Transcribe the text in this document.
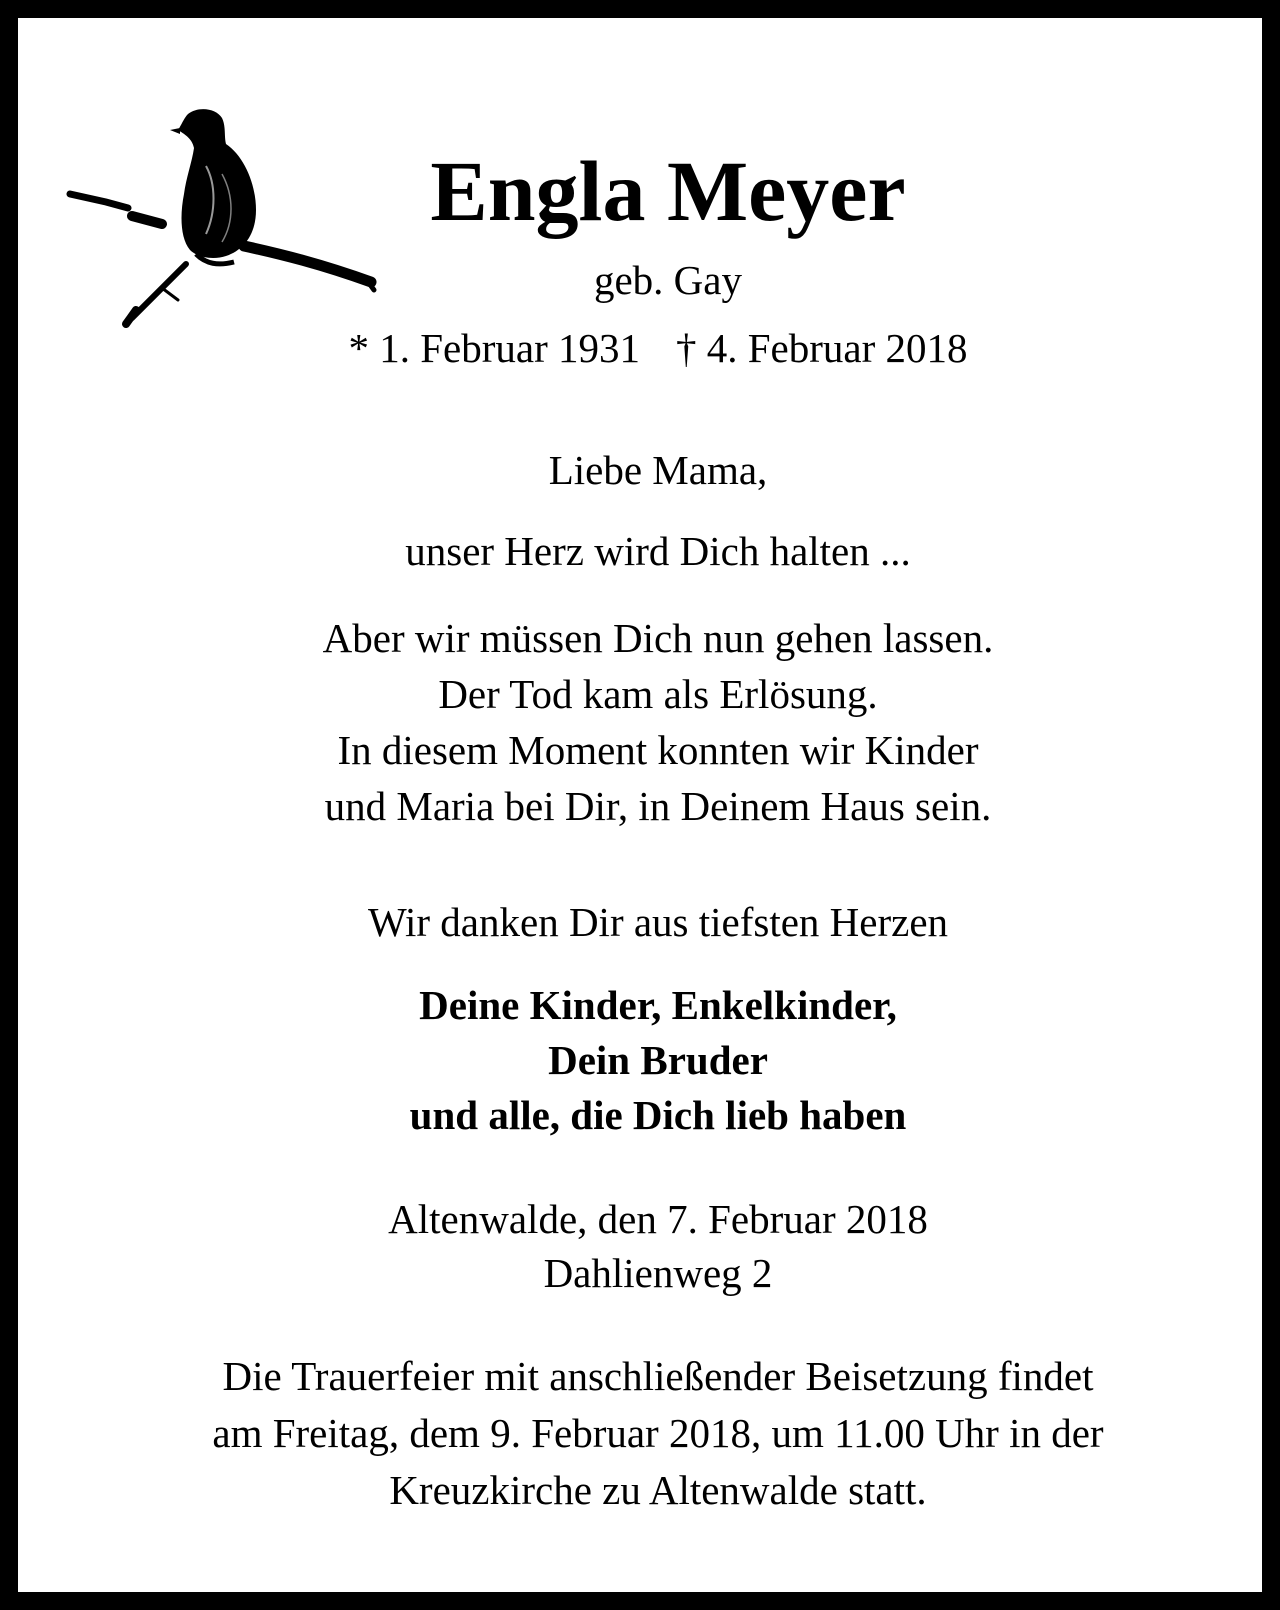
Engla Meyer
geb. Gay
* 1. Februar 1931 † 4. Februar 2018
Liebe Mama,
unser Herz wird Dich halten ...
Aber wir müssen Dich nun gehen lassen.
Der Tod kam als Erlösung.
In diesem Moment konnten wir Kinder
und Maria bei Dir, in Deinem Haus sein.
Wir danken Dir aus tiefsten Herzen
Deine Kinder, Enkelkinder,
Dein Bruder
und alle, die Dich lieb haben
Altenwalde, den 7. Februar 2018
Dahlienweg 2
Die Trauerfeier mit anschließender Beisetzung findet
am Freitag, dem 9. Februar 2018, um 11.00 Uhr in der
Kreuzkirche zu Altenwalde statt.
